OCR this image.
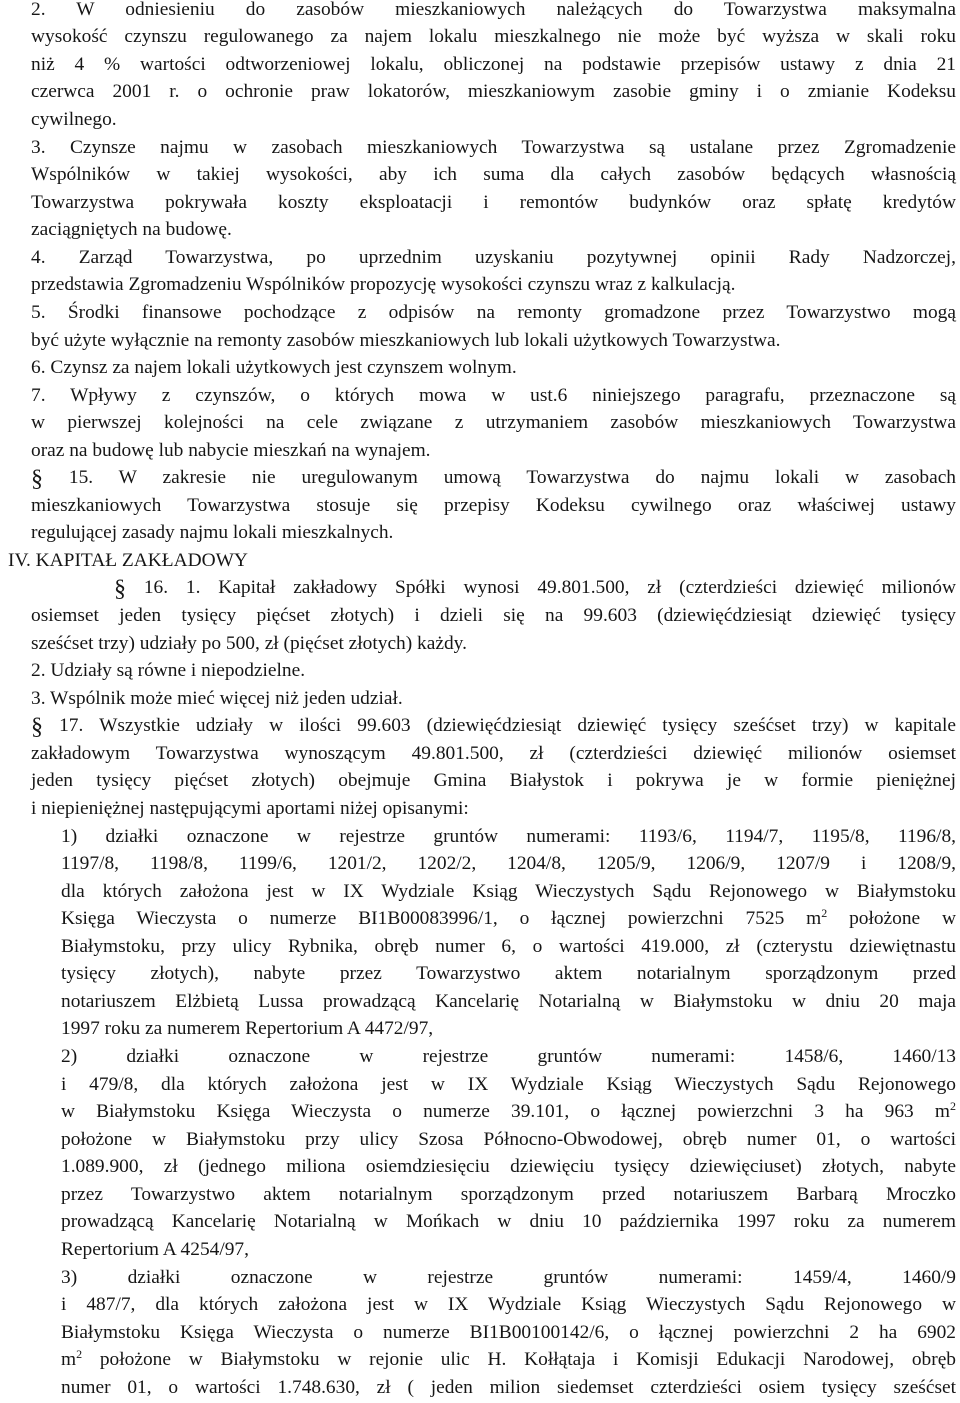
2. W odniesieniu do zasobów mieszkaniowych należących do Towarzystwa maksymalna
wysokość czynszu regulowanego za najem lokalu mieszkalnego nie może być wyższa w skali roku
niż 4 % wartości odtworzeniowej lokalu, obliczonej na podstawie przepisów ustawy z dnia 21
czerwca 2001 r. o ochronie praw lokatorów, mieszkaniowym zasobie gminy i o zmianie Kodeksu
cywilnego.
3. Czynsze najmu w zasobach mieszkaniowych Towarzystwa są ustalane przez Zgromadzenie
Wspólników w takiej wysokości, aby ich suma dla całych zasobów będących własnością
Towarzystwa pokrywała koszty eksploatacji i remontów budynków oraz spłatę kredytów
zaciągniętych na budowę.
4. Zarząd Towarzystwa, po uprzednim uzyskaniu pozytywnej opinii Rady Nadzorczej,
przedstawia Zgromadzeniu Wspólników propozycję wysokości czynszu wraz z kalkulacją.
5. Środki finansowe pochodzące z odpisów na remonty gromadzone przez Towarzystwo mogą
być użyte wyłącznie na remonty zasobów mieszkaniowych lub lokali użytkowych Towarzystwa.
6. Czynsz za najem lokali użytkowych jest czynszem wolnym.
7. Wpływy z czynszów, o których mowa w ust.6 niniejszego paragrafu, przeznaczone są
w pierwszej kolejności na cele związane z utrzymaniem zasobów mieszkaniowych Towarzystwa
oraz na budowę lub nabycie mieszkań na wynajem.
§ 15. W zakresie nie uregulowanym umową Towarzystwa do najmu lokali w zasobach
mieszkaniowych Towarzystwa stosuje się przepisy Kodeksu cywilnego oraz właściwej ustawy
regulującej zasady najmu lokali mieszkalnych.
IV. KAPITAŁ ZAKŁADOWY
§ 16. 1. Kapitał zakładowy Spółki wynosi 49.801.500, zł (czterdzieści dziewięć milionów
osiemset jeden tysięcy pięćset złotych) i dzieli się na 99.603 (dziewięćdziesiąt dziewięć tysięcy
sześćset trzy) udziały po 500, zł (pięćset złotych) każdy.
2. Udziały są równe i niepodzielne.
3. Wspólnik może mieć więcej niż jeden udział.
§ 17. Wszystkie udziały w ilości 99.603 (dziewięćdziesiąt dziewięć tysięcy sześćset trzy) w kapitale
zakładowym Towarzystwa wynoszącym 49.801.500, zł (czterdzieści dziewięć milionów osiemset
jeden tysięcy pięćset złotych) obejmuje Gmina Białystok i pokrywa je w formie pieniężnej
i niepieniężnej następującymi aportami niżej opisanymi:
1) działki oznaczone w rejestrze gruntów numerami: 1193/6, 1194/7, 1195/8, 1196/8,
1197/8, 1198/8, 1199/6, 1201/2, 1202/2, 1204/8, 1205/9, 1206/9, 1207/9 i 1208/9,
dla których założona jest w IX Wydziale Ksiąg Wieczystych Sądu Rejonowego w Białymstoku
Księga Wieczysta o numerze BI1B00083996/1, o łącznej powierzchni 7525 $m^2$ położone w
Białymstoku, przy ulicy Rybnika, obręb numer 6, o wartości 419.000, zł (czterystu dziewiętnastu
tysięcy złotych), nabyte przez Towarzystwo aktem notarialnym sporządzonym przed
notariuszem Elżbietą Lussa prowadzącą Kancelarię Notarialną w Białymstoku w dniu 20 maja
1997 roku za numerem Repertorium A 4472/97,
2) działki oznaczone w rejestrze gruntów numerami: 1458/6, 1460/13
i 479/8, dla których założona jest w IX Wydziale Ksiąg Wieczystych Sądu Rejonowego
w Białymstoku Księga Wieczysta o numerze 39.101, o łącznej powierzchni 3 ha 963 $m^2$
położone w Białymstoku przy ulicy Szosa Północno-Obwodowej, obręb numer 01, o wartości
1.089.900, zł (jednego miliona osiemdziesięciu dziewięciu tysięcy dziewięciuset) złotych, nabyte
przez Towarzystwo aktem notarialnym sporządzonym przed notariuszem Barbarą Mroczko
prowadzącą Kancelarię Notarialną w Mońkach w dniu 10 października 1997 roku za numerem
Repertorium A 4254/97,
3) działki oznaczone w rejestrze gruntów numerami: 1459/4, 1460/9
i 487/7, dla których założona jest w IX Wydziale Ksiąg Wieczystych Sądu Rejonowego w
Białymstoku Księga Wieczysta o numerze BI1B00100142/6, o łącznej powierzchni 2 ha 6902
$m^2$ położone w Białymstoku w rejonie ulic H. Kołłątaja i Komisji Edukacji Narodowej, obręb
numer 01, o wartości 1.748.630, zł ( jeden milion siedemset czterdzieści osiem tysięcy sześćset
